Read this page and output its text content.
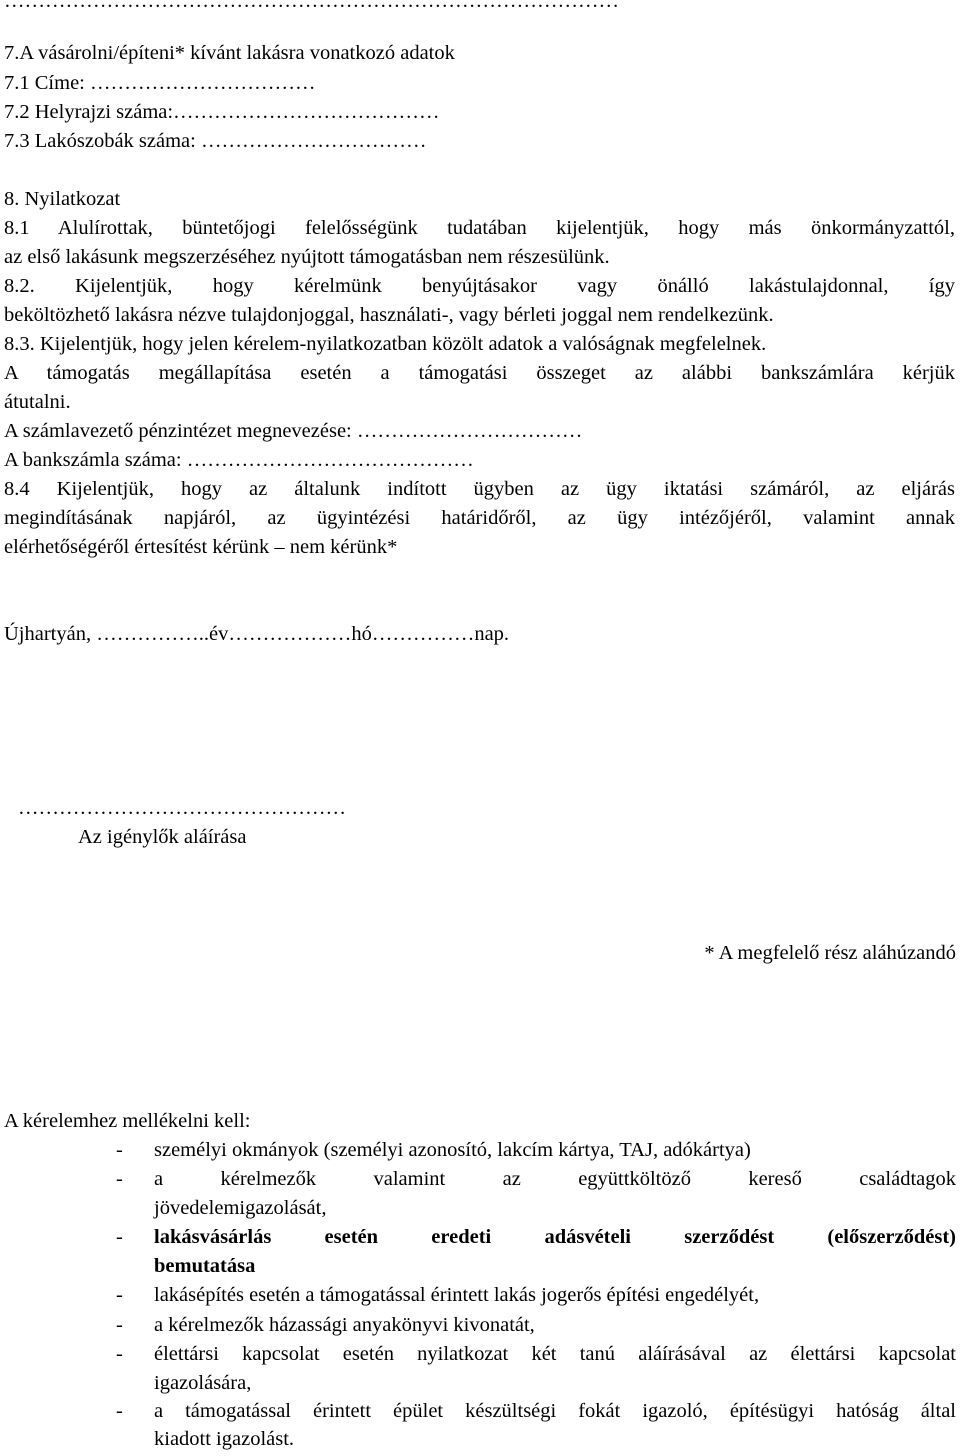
………………………………………………………………………………
7.A vásárolni/építeni* kívánt lakásra vonatkozó adatok
7.1 Címe: ……………………………
7.2 Helyrajzi száma:…………………………………
7.3 Lakószobák száma: ……………………………
8. Nyilatkozat
8.1 Alulírottak, büntetőjogi felelősségünk tudatában kijelentjük, hogy más önkormányzattól,
az első lakásunk megszerzéséhez nyújtott támogatásban nem részesülünk.
8.2. Kijelentjük, hogy kérelmünk benyújtásakor vagy önálló lakástulajdonnal, így
beköltözhető lakásra nézve tulajdonjoggal, használati-, vagy bérleti joggal nem rendelkezünk.
8.3. Kijelentjük, hogy jelen kérelem-nyilatkozatban közölt adatok a valóságnak megfelelnek.
A támogatás megállapítása esetén a támogatási összeget az alábbi bankszámlára kérjük
átutalni.
A számlavezető pénzintézet megnevezése: ……………………………
A bankszámla száma: ……………………………………
8.4 Kijelentjük, hogy az általunk indított ügyben az ügy iktatási számáról, az eljárás
megindításának napjáról, az ügyintézési határidőről, az ügy intézőjéről, valamint annak
elérhetőségéről értesítést kérünk – nem kérünk*
Újhartyán, ……………..év………………hó……………nap.
…………………………………………
Az igénylők aláírása
* A megfelelő rész aláhúzandó
A kérelemhez mellékelni kell:
- személyi okmányok (személyi azonosító, lakcím kártya, TAJ, adókártya)
- a kérelmezők valamint az együttköltöző kereső családtagok
jövedelemigazolását,
- lakásvásárlás esetén eredeti adásvételi szerződést (előszerződést)
bemutatása
- lakásépítés esetén a támogatással érintett lakás jogerős építési engedélyét,
- a kérelmezők házassági anyakönyvi kivonatát,
- élettársi kapcsolat esetén nyilatkozat két tanú aláírásával az élettársi kapcsolat
igazolására,
- a támogatással érintett épület készültségi fokát igazoló, építésügyi hatóság által
kiadott igazolást.
